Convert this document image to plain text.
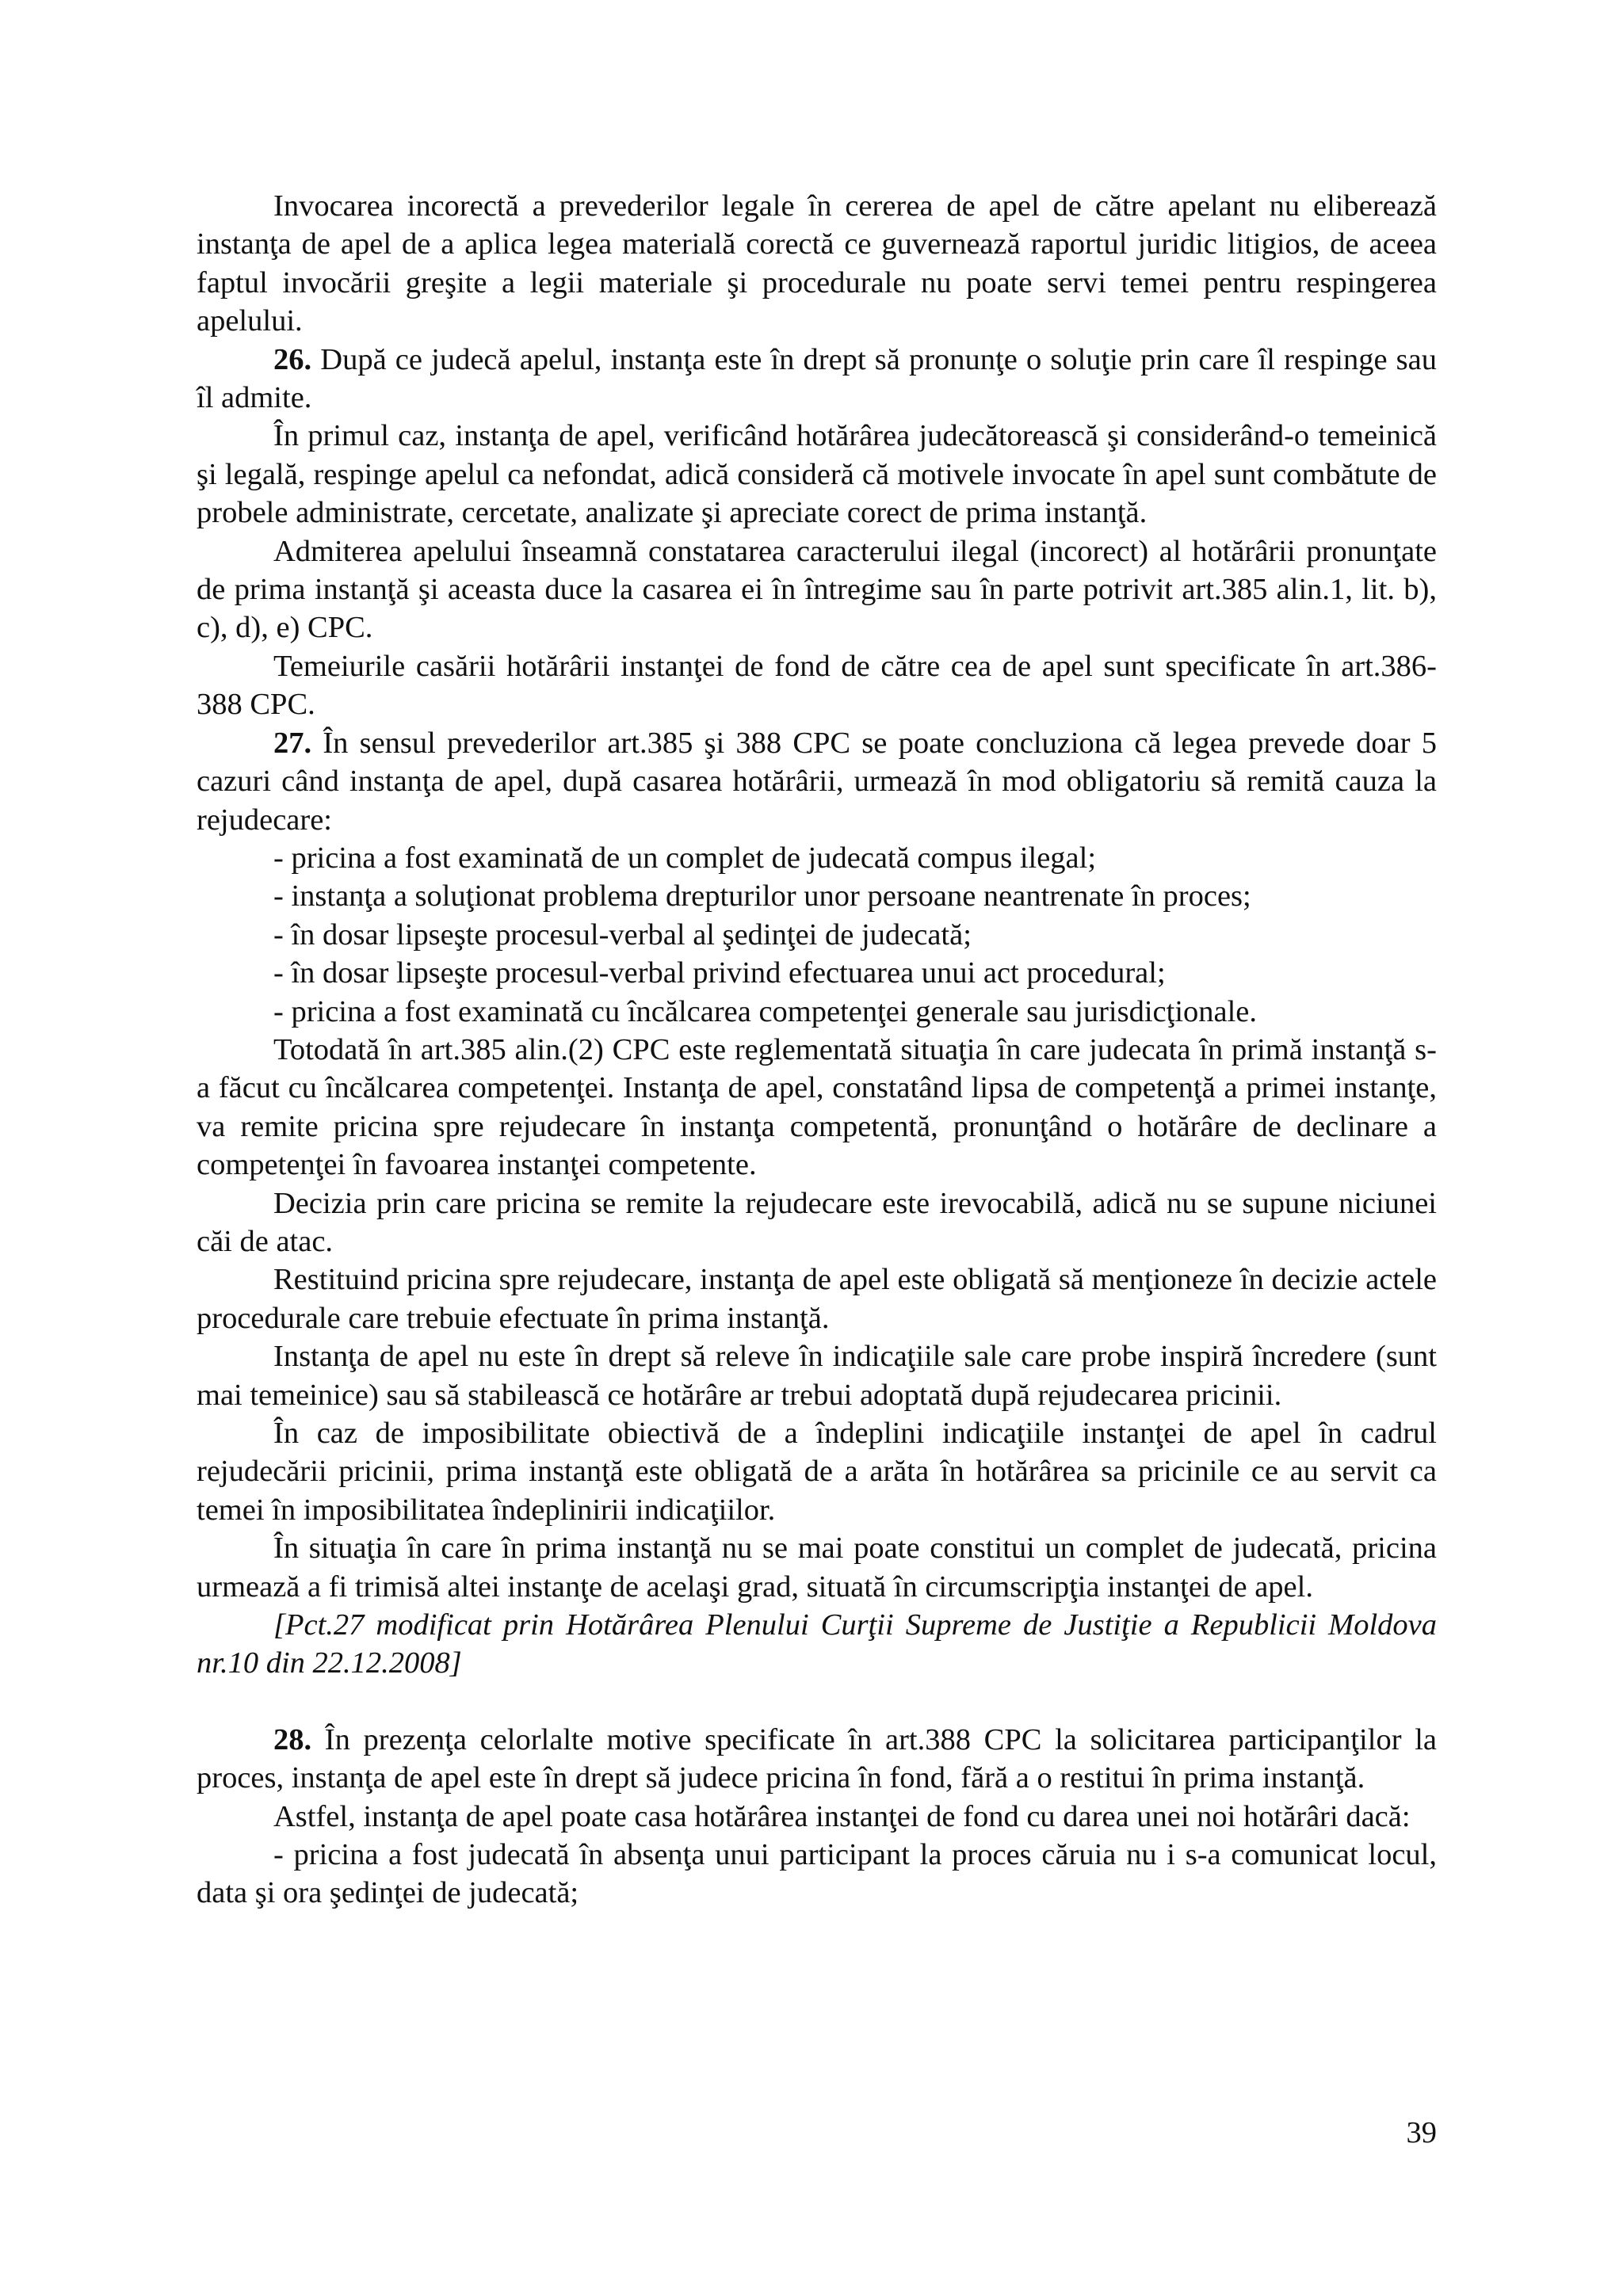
Invocarea incorectă a prevederilor legale în cererea de apel de către apelant nu eliberează instanţa de apel de a aplica legea materială corectă ce guvernează raportul juridic litigios, de aceea faptul invocării greşite a legii materiale şi procedurale nu poate servi temei pentru respingerea apelului.

26. După ce judecă apelul, instanţa este în drept să pronunţe o soluţie prin care îl respinge sau îl admite.

În primul caz, instanţa de apel, verificând hotărârea judecătorească şi considerând-o temeinică şi legală, respinge apelul ca nefondat, adică consideră că motivele invocate în apel sunt combătute de probele administrate, cercetate, analizate şi apreciate corect de prima instanţă.

Admiterea apelului înseamnă constatarea caracterului ilegal (incorect) al hotărârii pronunţate de prima instanţă şi aceasta duce la casarea ei în întregime sau în parte potrivit art.385 alin.1, lit. b), c), d), e) CPC.

Temeiurile casării hotărârii instanţei de fond de către cea de apel sunt specificate în art.386-388 CPC.

27. În sensul prevederilor art.385 şi 388 CPC se poate concluziona că legea prevede doar 5 cazuri când instanţa de apel, după casarea hotărârii, urmează în mod obligatoriu să remită cauza la rejudecare:

- pricina a fost examinată de un complet de judecată compus ilegal;

- instanţa a soluţionat problema drepturilor unor persoane neantrenate în proces;

- în dosar lipseşte procesul-verbal al şedinţei de judecată;

- în dosar lipseşte procesul-verbal privind efectuarea unui act procedural;

- pricina a fost examinată cu încălcarea competenţei generale sau jurisdicţionale.

Totodată în art.385 alin.(2) CPC este reglementată situaţia în care judecata în primă instanţă s-a făcut cu încălcarea competenţei. Instanţa de apel, constatând lipsa de competenţă a primei instanţe, va remite pricina spre rejudecare în instanţa competentă, pronunţând o hotărâre de declinare a competenţei în favoarea instanţei competente.

Decizia prin care pricina se remite la rejudecare este irevocabilă, adică nu se supune niciunei căi de atac.

Restituind pricina spre rejudecare, instanţa de apel este obligată să menţioneze în decizie actele procedurale care trebuie efectuate în prima instanţă.

Instanţa de apel nu este în drept să releve în indicaţiile sale care probe inspiră încredere (sunt mai temeinice) sau să stabilească ce hotărâre ar trebui adoptată după rejudecarea pricinii.

În caz de imposibilitate obiectivă de a îndeplini indicaţiile instanţei de apel în cadrul rejudecării pricinii, prima instanţă este obligată de a arăta în hotărârea sa pricinile ce au servit ca temei în imposibilitatea îndeplinirii indicaţiilor.

În situaţia în care în prima instanţă nu se mai poate constitui un complet de judecată, pricina urmează a fi trimisă altei instanţe de acelaşi grad, situată în circumscripţia instanţei de apel.

[Pct.27 modificat prin Hotărârea Plenului Curţii Supreme de Justiţie a Republicii Moldova nr.10 din 22.12.2008]

28. În prezenţa celorlalte motive specificate în art.388 CPC la solicitarea participanţilor la proces, instanţa de apel este în drept să judece pricina în fond, fără a o restitui în prima instanţă.

Astfel, instanţa de apel poate casa hotărârea instanţei de fond cu darea unei noi hotărâri dacă:

- pricina a fost judecată în absenţa unui participant la proces căruia nu i s-a comunicat locul, data şi ora şedinţei de judecată;

39
